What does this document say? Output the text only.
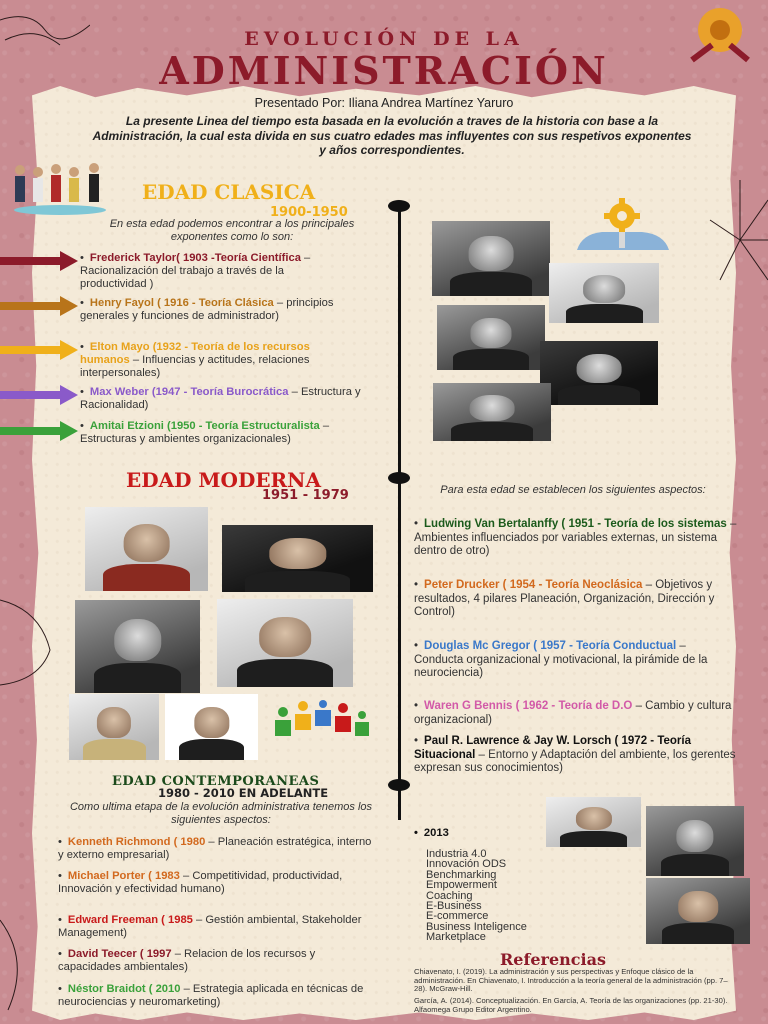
EVOLUCIÓN DE LA
ADMINISTRACIÓN
Presentado Por: Iliana Andrea Martínez Yaruro
La presente Linea del tiempo esta basada en la evolución a traves de la historia con base a la Administración, la cual esta divida en sus cuatro edades mas influyentes con sus respetivos exponentes y años correspondientes.
EDAD CLASICA
1900-1950
En esta edad podemos encontrar a los principales exponentes como lo son:
• Frederick Taylor( 1903 -Teoría Científica – Racionalización del trabajo a través de la productividad )
• Henry Fayol ( 1916 - Teoría Clásica – principios generales y funciones de administrador)
• Elton Mayo (1932 - Teoría de los recursos humanos – Influencias y actitudes, relaciones interpersonales)
• Max Weber (1947 - Teoría Burocrática – Estructura y Racionalidad)
• Amitai Etzioni (1950 - Teoría Estructuralista – Estructuras y ambientes organizacionales)
EDAD MODERNA
1951 - 1979	Para esta edad se establecen los siguientes aspectos:
• Ludwing Van Bertalanffy ( 1951 - Teoría de los sistemas – Ambientes influenciados por variables externas, un sistema dentro de otro)
• Peter Drucker ( 1954 - Teoría Neoclásica – Objetivos y resultados, 4 pilares Planeación, Organización, Dirección y Control)
• Douglas Mc Gregor ( 1957 - Teoría Conductual – Conducta organizacional y motivacional, la pirámide de la neurociencia)
• Waren G Bennis ( 1962 - Teoría de D.O – Cambio y cultura organizacional)
• Paul R. Lawrence & Jay W. Lorsch ( 1972 - Teoría Situacional – Entorno y Adaptación del ambiente, los gerentes expresan sus conocimientos)
EDAD CONTEMPORANEAS
1980 - 2010 EN ADELANTE
Como ultima etapa de la evolución administrativa tenemos los siguientes aspectos:
• Kenneth Richmond ( 1980 – Planeación estratégica, interno y externo empresarial)
• Michael Porter ( 1983 – Competitividad, productividad, Innovación y efectividad humano)
• Edward Freeman ( 1985 – Gestión ambiental, Stakeholder Management)
• David Teecer ( 1997 – Relacion de los recursos y capacidades ambientales)
• Néstor Braidot ( 2010 – Estrategia aplicada en técnicas de neurociencias y neuromarketing)
• 2013
Industria 4.0
Innovación ODS
Benchmarking
Empowerment
Coaching
E-Business
E-commerce
Business Inteligence
Marketplace
Referencias
Chiavenato, I. (2019). La administración y sus perspectivas y Enfoque clásico de la administración. En Chiavenato, I. Introducción a la teoría general de la administración (pp. 7–28). McGraw-Hill.
García, A. (2014). Conceptualización. En García, A. Teoría de las organizaciones (pp. 21-30). Alfaomega Grupo Editor Argentino.
